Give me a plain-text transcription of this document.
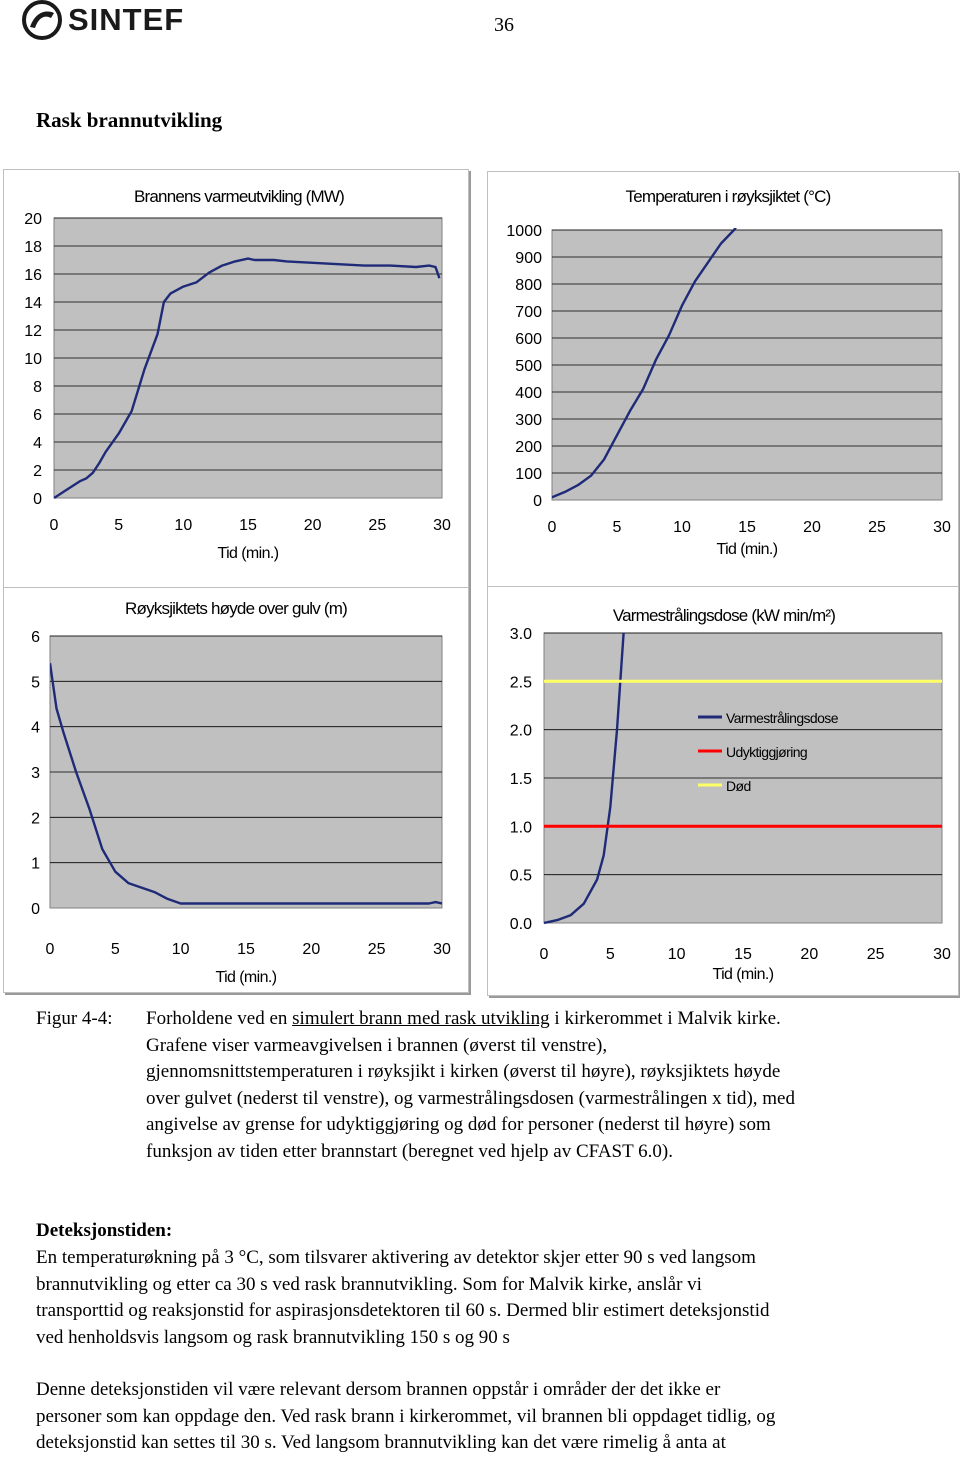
SINTEF	36
Rask brannutvikling
0
2
4
6
8
10
12
14
16
18
20
0	5	10	15	20	25	30
Brannens varmeutvikling (MW)
Tid (min.)
0
100
200
300
400
500
600
700
800
900
1000
0	5	10	15	20	25	30
Temperaturen i røyksjiktet (°C)
Tid (min.)
0
1
2
3
4
5
6
0	5	10	15	20	25	30
Røyksjiktets høyde over gulv (m)
Tid (min.)
0.0
0.5
1.0
1.5
2.0
2.5
3.0
0	5	10	15	20	25	30
Varmestrålingsdose (kW min/m²)
Tid (min.)
Varmestrålingsdose
Udyktiggjøring
Død
Figur 4-4: Forholdene ved en simulert brann med rask utvikling i kirkerommet i Malvik kirke.
Grafene viser varmeavgivelsen i brannen (øverst til venstre),
gjennomsnittstemperaturen i røyksjikt i kirken (øverst til høyre), røyksjiktets høyde
over gulvet (nederst til venstre), og varmestrålingsdosen (varmestrålingen x tid), med
angivelse av grense for udyktiggjøring og død for personer (nederst til høyre) som
funksjon av tiden etter brannstart (beregnet ved hjelp av CFAST 6.0).
Deteksjonstiden:
En temperaturøkning på 3 °C, som tilsvarer aktivering av detektor skjer etter 90 s ved langsom
brannutvikling og etter ca 30 s ved rask brannutvikling. Som for Malvik kirke, anslår vi
transporttid og reaksjonstid for aspirasjonsdetektoren til 60 s. Dermed blir estimert deteksjonstid
ved henholdsvis langsom og rask brannutvikling 150 s og 90 s
Denne deteksjonstiden vil være relevant dersom brannen oppstår i områder der det ikke er
personer som kan oppdage den. Ved rask brann i kirkerommet, vil brannen bli oppdaget tidlig, og
deteksjonstid kan settes til 30 s. Ved langsom brannutvikling kan det være rimelig å anta at
